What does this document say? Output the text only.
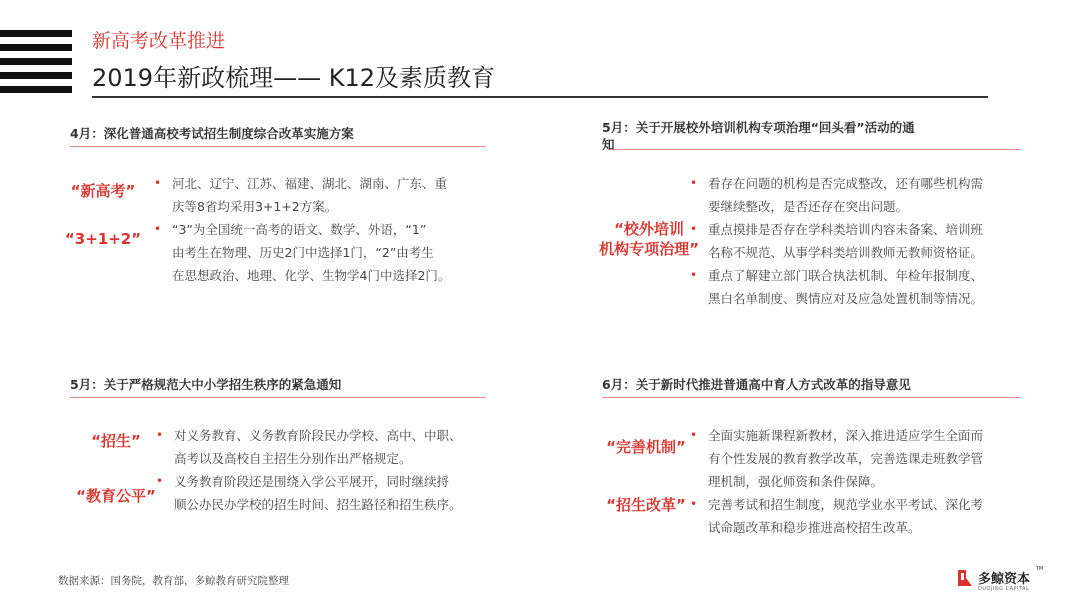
新高考改革推进
2019年新政梳理—— K12及素质教育
4月：深化普通高校考试招生制度综合改革实施方案
“新高考”
“3+1+2”
• 河北、辽宁、江苏、福建、湖北、湖南、广东、重
庆等8省均采用3+1+2方案。
• “3”为全国统一高考的语文、数学、外语，“1”
由考生在物理、历史2门中选择1门，“2”由考生
在思想政治、地理、化学、生物学4门中选择2门。
5月：关于开展校外培训机构专项治理“回头看”活动的通
知
“校外培训
机构专项治理”
• 看存在问题的机构是否完成整改，还有哪些机构需
要继续整改，是否还存在突出问题。
• 重点摸排是否存在学科类培训内容未备案、培训班
名称不规范、从事学科类培训教师无教师资格证。
• 重点了解建立部门联合执法机制、年检年报制度、
黑白名单制度、舆情应对及应急处置机制等情况。
5月：关于严格规范大中小学招生秩序的紧急通知
“招生”
“教育公平”
• 对义务教育、义务教育阶段民办学校、高中、中职、
高考以及高校自主招生分别作出严格规定。
• 义务教育阶段还是围绕入学公平展开，同时继续捋
顺公办民办学校的招生时间、招生路径和招生秩序。
6月：关于新时代推进普通高中育人方式改革的指导意见
“完善机制”
“招生改革”
• 全面实施新课程新教材，深入推进适应学生全面而
有个性发展的教育教学改革，完善选课走班教学管
理机制，强化师资和条件保障。
• 完善考试和招生制度，规范学业水平考试、深化考
试命题改革和稳步推进高校招生改革。
数据来源：国务院，教育部，多鲸教育研究院整理	多鲸资本
TM
DUOJING CAPITAL
